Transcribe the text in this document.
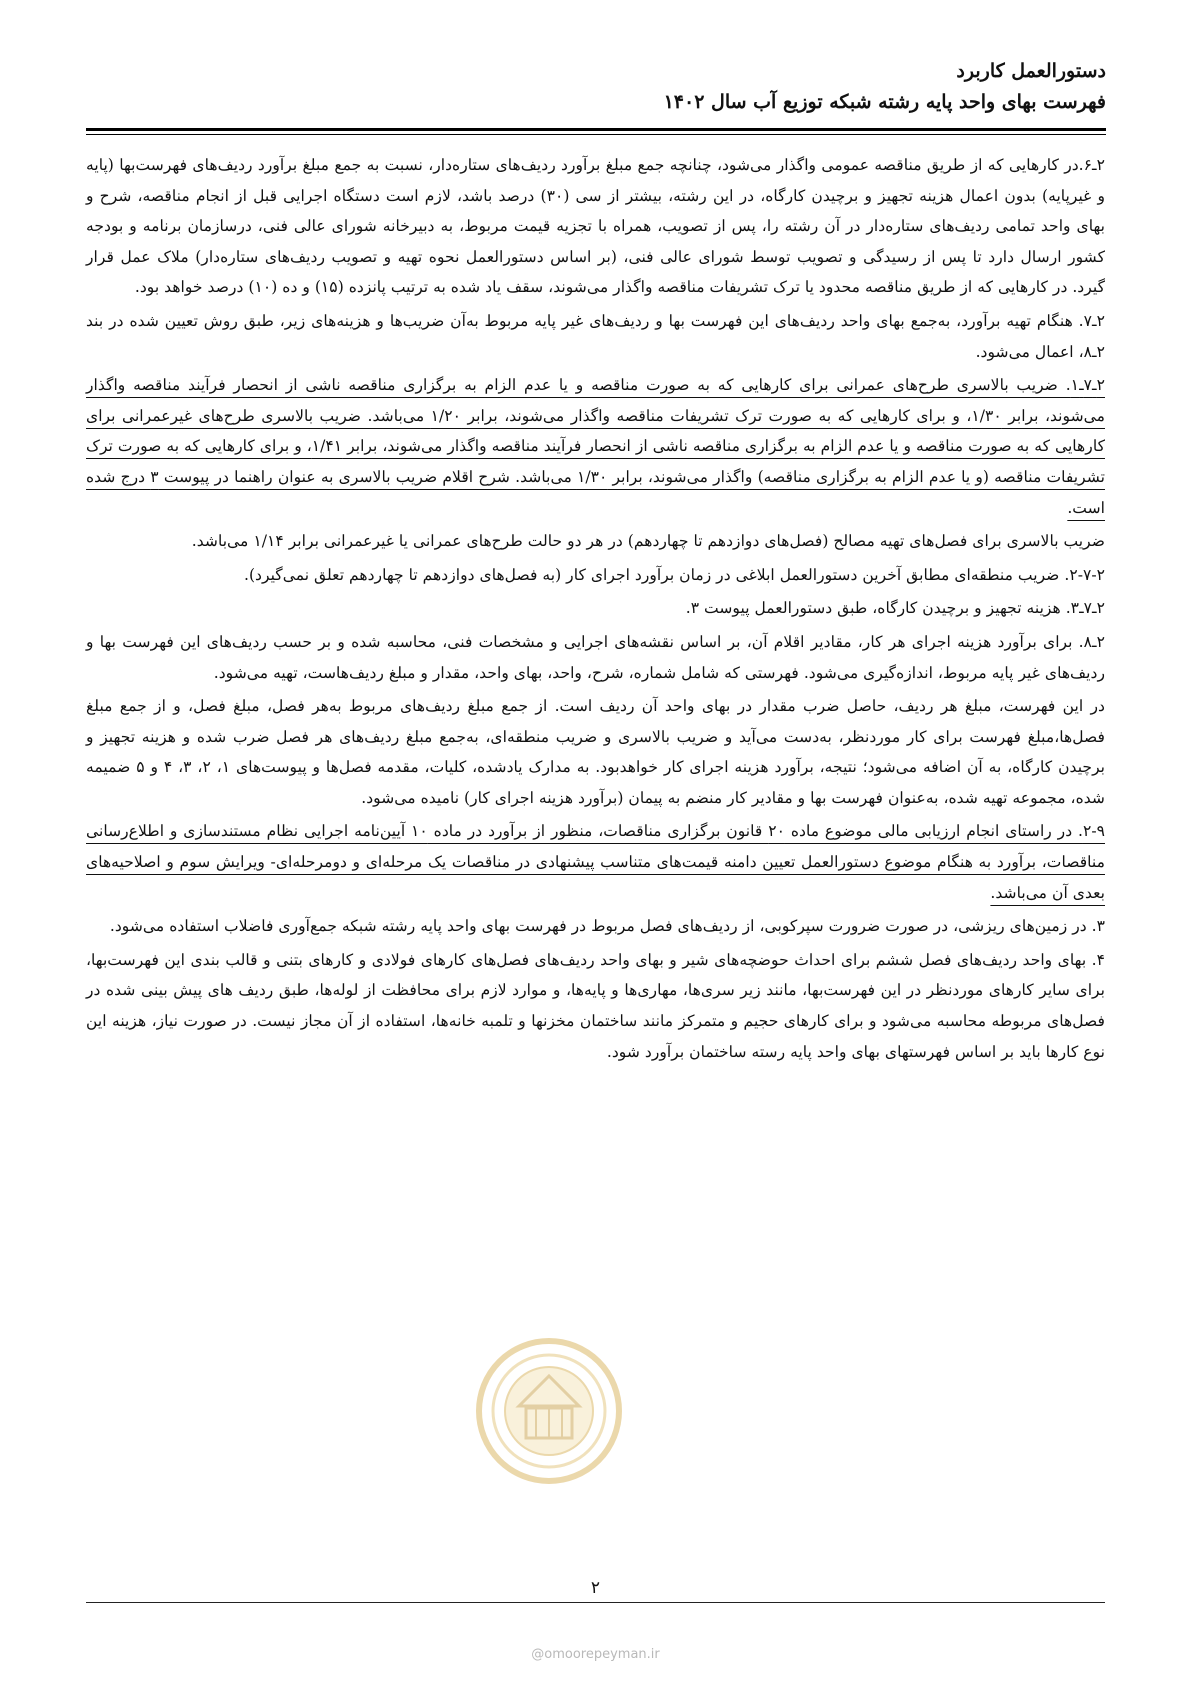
دستورالعمل کاربرد
فهرست بهای واحد پایه رشته شبکه توزیع آب سال ۱۴۰۲

۲ـ۶.در کارهایی که از طریق مناقصه عمومی واگذار می‌شود، چنانچه جمع مبلغ برآورد ردیف‌های ستاره‌دار، نسبت به جمع مبلغ برآورد ردیف‌های فهرست‌بها (پایه و غیرپایه) بدون اعمال هزینه تجهیز و برچیدن کارگاه، در این رشته، بیشتر از سی (۳۰) درصد باشد، لازم است دستگاه اجرایی قبل از انجام مناقصه، شرح و بهای واحد تمامی ردیف‌های ستاره‌دار در آن رشته را، پس از تصویب، همراه با تجزیه قیمت مربوط، به دبیرخانه شورای عالی فنی، درسازمان برنامه و بودجه کشور ارسال دارد تا پس از رسیدگی و تصویب توسط شورای عالی فنی، (بر اساس دستورالعمل نحوه تهیه و تصویب ردیف‌های ستاره‌دار) ملاک عمل قرار گیرد. در کارهایی که از طریق مناقصه محدود یا ترک تشریفات مناقصه واگذار می‌شوند، سقف یاد شده به ترتیب پانزده (۱۵) و ده (۱۰) درصد خواهد بود.

۲ـ۷. هنگام تهیه برآورد، به‌جمع بهای واحد ردیف‌های این فهرست بها و ردیف‌های غیر پایه مربوط به‌آن ضریب‌ها و هزینه‌های زیر، طبق روش تعیین شده در بند ۲ـ۸، اعمال می‌شود.

۲ـ۷ـ۱. ضریب بالاسری طرح‌های عمرانی برای کارهایی که به صورت مناقصه و یا عدم الزام به برگزاری مناقصه ناشی از انحصار فرآیند مناقصه واگذار می‌شوند، برابر ۱/۳۰، و برای کارهایی که به صورت ترک تشریفات مناقصه واگذار می‌شوند، برابر ۱/۲۰ می‌باشد. ضریب بالاسری طرح‌های غیرعمرانی برای کارهایی که به صورت مناقصه و یا عدم الزام به برگزاری مناقصه ناشی از انحصار فرآیند مناقصه واگذار می‌شوند، برابر ۱/۴۱، و برای کارهایی که به صورت ترک تشریفات مناقصه (و یا عدم الزام به برگزاری مناقصه) واگذار می‌شوند، برابر ۱/۳۰ می‌باشد. شرح اقلام ضریب بالاسری به عنوان راهنما در پیوست ۳ درج شده است.

ضریب بالاسری برای فصل‌های تهیه مصالح (فصل‌های دوازدهم تا چهاردهم) در هر دو حالت طرح‌های عمرانی یا غیرعمرانی برابر ۱/۱۴ می‌باشد.

۲-۷-۲. ضریب منطقه‌ای مطابق آخرین دستورالعمل ابلاغی در زمان برآورد اجرای کار (به فصل‌های دوازدهم تا چهاردهم تعلق نمی‌گیرد).

۲ـ۷ـ۳. هزینه تجهیز و برچیدن کارگاه، طبق دستورالعمل پیوست ۳.

۲ـ۸. برای برآورد هزینه اجرای هر کار، مقادیر اقلام آن، بر اساس نقشه‌های اجرایی و مشخصات فنی، محاسبه شده و بر حسب ردیف‌های این فهرست بها و ردیف‌های غیر پایه مربوط، اندازه‌گیری می‌شود. فهرستی که شامل شماره، شرح، واحد، بهای واحد، مقدار و مبلغ ردیف‌هاست، تهیه می‌شود.

در این فهرست، مبلغ هر ردیف، حاصل ضرب مقدار در بهای واحد آن ردیف است. از جمع مبلغ ردیف‌های مربوط به‌هر فصل، مبلغ فصل، و از جمع مبلغ فصل‌ها،مبلغ فهرست برای کار موردنظر، به‌دست می‌آید و ضریب بالاسری و ضریب منطقه‌ای، به‌جمع مبلغ ردیف‌های هر فصل ضرب شده و هزینه تجهیز و برچیدن کارگاه، به آن اضافه می‌شود؛ نتیجه، برآورد هزینه اجرای کار خواهدبود. به مدارک یادشده، کلیات، مقدمه فصل‌ها و پیوست‌های ۱، ۲، ۳، ۴ و ۵ ضمیمه شده، مجموعه تهیه شده، به‌عنوان فهرست بها و مقادیر کار منضم به پیمان (برآورد هزینه اجرای کار) نامیده می‌شود.

۲-۹. در راستای انجام ارزیابی مالی موضوع ماده ۲۰ قانون برگزاری مناقصات، منظور از برآورد در ماده ۱۰ آیین‌نامه اجرایی نظام مستندسازی و اطلاع‌رسانی مناقصات، برآورد به هنگام موضوع دستورالعمل تعیین دامنه قیمت‌های متناسب پیشنهادی در مناقصات یک مرحله‌ای و دومرحله‌ای- ویرایش سوم و اصلاحیه‌های بعدی آن می‌باشد.

۳. در زمین‌های ریزشی، در صورت ضرورت سپرکوبی، از ردیف‌های فصل مربوط در فهرست بهای واحد پایه رشته شبکه جمع‌آوری فاضلاب استفاده می‌شود.

۴. بهای واحد ردیف‌های فصل ششم برای احداث حوضچه‌های شیر و بهای واحد ردیف‌های فصل‌های کارهای فولادی و کارهای بتنی و قالب بندی این فهرست‌بها، برای سایر کارهای موردنظر در این فهرست‌بها، مانند زیر سری‌ها، مهاری‌ها و پایه‌ها، و موارد لازم برای محافظت از لوله‌ها، طبق ردیف های پیش بینی شده در فصل‌های مربوطه محاسبه می‌شود و برای کارهای حجیم و متمرکز مانند ساختمان مخزنها و تلمبه خانه‌ها، استفاده از آن مجاز نیست. در صورت نیاز، هزینه این نوع کارها باید بر اساس فهرستهای بهای واحد پایه رسته ساختمان برآورد شود.

۲
@omoorepeyman.ir
